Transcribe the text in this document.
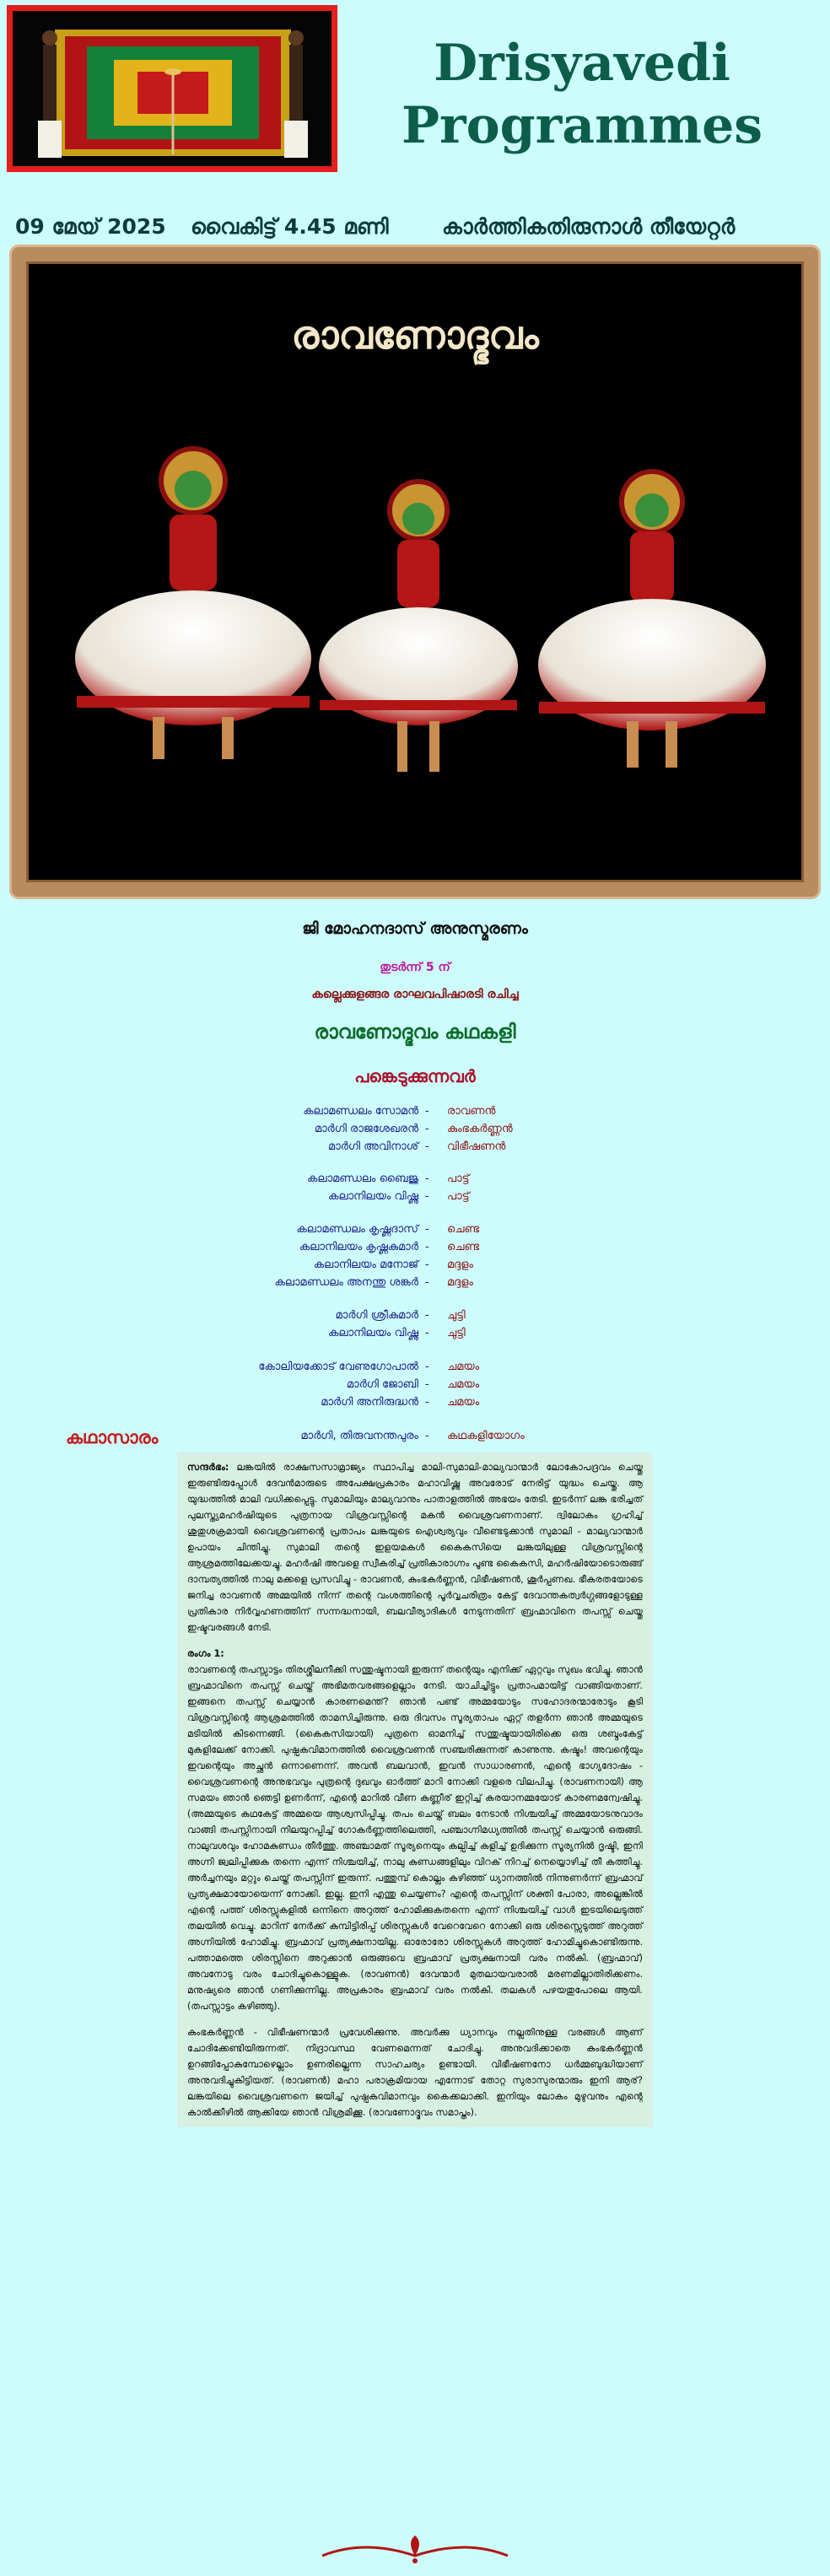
Drisyavedi
Programmes
09 മേയ് 2025 വൈകിട്ട് 4.45 മണി	കാർത്തികതിരുനാൾ തീയേറ്റർ
രാവണോദ്ഭവം
ജി മോഹനദാസ് അനുസ്മരണം
തുടർന്ന് 5 ന്
കല്ലെക്കുളങ്ങര രാഘവപിഷാരടി രചിച്ച
രാവണോദ്ഭവം കഥകളി
പങ്കെടുക്കുന്നവർ
കലാമണ്ഡലം സോമൻ - രാവണൻ
മാർഗി രാജശേഖരൻ - കുംഭകർണ്ണൻ
മാർഗി അവിനാശ് - വിഭീഷണൻ
കലാമണ്ഡലം ബൈജു - പാട്ട്
കലാനിലയം വിഷ്ണു - പാട്ട്
കലാമണ്ഡലം കൃഷ്ണദാസ് - ചെണ്ട
കലാനിലയം കൃഷ്ണകുമാർ - ചെണ്ട
കലാനിലയം മനോജ് - മദ്ദളം
കലാമണ്ഡലം അനന്തു ശങ്കർ - മദ്ദളം
മാർഗി ശ്രീകുമാർ - ചുട്ടി
കലാനിലയം വിഷ്ണു - ചുട്ടി
കോലിയക്കോട് വേണുഗോപാൽ - ചമയം
മാർഗി ജോബി - ചമയം
മാർഗി അനിരുദ്ധൻ - ചമയം
മാർഗി, തിരുവനന്തപുരം - കഥകളിയോഗം
കഥാസാരം
സന്ദർഭം: ലങ്കയിൽ രാക്ഷസസാമ്രാജ്യം സ്ഥാപിച്ച മാലി-സുമാലി-മാല്യവാന്മാർ ലോകോപദ്രവം ചെയ്തു ഇരുണ്ടിരുപ്പോൾ ദേവൻമാരുടെ അപേക്ഷപ്രകാരം മഹാവിഷ്ണു അവരോട് നേരിട്ട് യുദ്ധം ചെയ്തു. ആ യുദ്ധത്തിൽ മാലി വധിക്കപ്പെട്ടു. സുമാലിയും മാല്യവാനും പാതാളത്തിൽ അഭയം തേടി. ഇടർന്ന് ലങ്ക ഭരിച്ചത് പുലസ്ത്യമഹർഷിയുടെ പുത്രനായ വിശ്രവസ്സിന്റെ മകൻ വൈശ്രവണനാണ്. ദ്വിലോകം ഗ്രഹിച്ച് ശുതുശക്രമായി വൈശ്രവണന്റെ പ്രതാപം ലങ്കയുടെ ഐശ്വര്യവും വീണ്ടെടുക്കാൻ സുമാലി - മാല്യവാന്മാർ ഉപായം ചിന്തിച്ചു. സുമാലി തന്റെ ഇളയമകൾ കൈകസിയെ ലങ്കയിലുള്ള വിശ്രവസ്സിന്റെ ആശ്രമത്തിലേക്കയച്ചു. മഹർഷി അവളെ സ്വീകരിച്ച് പ്രതികാരാഗ്നം പൂണ്ട കൈകസി, മഹർഷിയോടൊരുങ്ങ് ദാമ്പത്യത്തിൽ നാലു മക്കളെ പ്രസവിച്ചു - രാവണൻ, കുംഭകർണ്ണൻ, വിഭീഷണൻ, ശൂർപ്പണഖ. ഭീകരതയോടെ ജനിച്ച രാവണൻ അമ്മയിൽ നിന്ന് തന്റെ വംശത്തിന്റെ പൂർവ്വചരിത്രം കേട്ട് ദേവാന്തകത്വർഗ്ഗങ്ങളോടുള്ള പ്രതികാര നിർവ്വഹണത്തിന് സന്നദ്ധനായി, ബലവീര്യാദികൾ നേടുന്നതിന് ബ്രഹ്മാവിനെ തപസ്സ് ചെയ്തു ഇഷ്ടവരങ്ങൾ നേടി.
രംഗം 1:
രാവണന്റെ തപസ്സാട്ടം തിരശ്ശീലനീക്കി സന്തുഷ്ടനായി ഇരുന്ന് തന്റെയും എനിക്ക് ഏറ്റവും സുഖം ഭവിച്ചു. ഞാൻ ബ്രഹ്മാവിനെ തപസ്സ് ചെയ്ത് അഭിമതവരങ്ങളെല്ലാം നേടി. യാചിച്ചിട്ടും പ്രതാപമായിട്ട് വാങ്ങിയതാണ്. ഇങ്ങനെ തപസ്സ് ചെയ്യാൻ കാരണമെന്ത്? ഞാൻ പണ്ട് അമ്മയോടും സഹോദരന്മാരോടും കൂടി വിശ്രവസ്സിന്റെ ആശ്രമത്തിൽ താമസിച്ചിരുന്നു. ഒരു ദിവസം സൂര്യതാപം ഏറ്റ് തളർന്ന ഞാൻ അമ്മയുടെ മടിയിൽ കിടന്നെങ്ങി. (കൈകസിയായി) പുത്രനെ ഓമനിച്ച് സന്തുഷ്ടയായിരിക്കെ ഒരു ശബ്ദംകേട്ട് മുകളിലേക്ക് നോക്കി. പുഷ്പകവിമാനത്തിൽ വൈശ്രവണൻ സഞ്ചരിക്കുന്നത് കാണുന്നു. കഷ്ടം! അവന്റെയും ഇവന്റെയും അച്ഛൻ ഒന്നാണെന്ന്. അവൻ ബലവാൻ, ഇവൻ സാധാരണൻ, എന്റെ ഭാഗ്യദോഷം - വൈശ്രവണന്റെ അനുഭവവും പുത്രന്റെ ദുഖവും ഓർത്ത് മാറി നോക്കി വളരെ വിലപിച്ചു. (രാവണനായി) ആ സമയം ഞാൻ ഞെട്ടി ഉണർന്ന്, എന്റെ മാറിൽ വീണ കണ്ണീര് ഇറ്റിച്ച് കരയാനമ്മയോട് കാരണമന്വേഷിച്ചു. (അമ്മയുടെ കഥകേട്ട് അമ്മയെ ആശ്വസിപ്പിച്ചു. തപം ചെയ്ത് ബലം നേടാൻ നിശ്ചയിച്ച് അമ്മയോടനുവാദം വാങ്ങി തപസ്സിനായി നിലയുറപ്പിച്ച് ഗോകർണ്ണത്തിലെത്തി, പഞ്ചാഗ്നിമധ്യത്തിൽ തപസ്സ് ചെയ്യാൻ ഒരുങ്ങി. നാലുവശവും ഹോമകുണ്ഡം തീർത്തു. അഞ്ചാമത് സൂര്യനെയും കല്പിച്ച് കളിച്ച് ഉദിക്കുന്ന സൂര്യനിൽ ദൃഷ്ടി, ഇനി അഗ്നി ജ്വലിപ്പിക്കുക തന്നെ എന്ന് നിശ്ചയിച്ച്, നാലു കുണ്ഡങ്ങളിലും വിറക് നിറച്ച് നെയ്യൊഴിച്ച് തീ കത്തിച്ചു. അർച്ചനയും മറ്റും ചെയ്ത് തപസ്സിന് ഇരുന്ന്. പത്തുമ്പ് കൊല്ലം കഴിഞ്ഞ് ധ്യാനത്തിൽ നിന്നുണർന്ന് ബ്രഹ്മാവ് പ്രത്യക്ഷമായോയെന്ന് നോക്കി. ഇല്ല. ഇനി എന്തു ചെയ്യണം? എന്റെ തപസ്സിന് ശക്തി പോരാ, അല്ലെങ്കിൽ എന്റെ പത്ത് ശിരസ്സുകളിൽ ഒന്നിനെ അറുത്ത് ഹോമിക്കുകതന്നെ എന്ന് നിശ്ചയിച്ച് വാൾ ഇടയിലെടുത്ത് തലയിൽ വെച്ചു. മാറിന് നേർക്ക് കുമ്പിട്ടിരിപ്പ് ശിരസ്സുകൾ വേറെവേറെ നോക്കി ഒരു ശിരസ്സെടുത്ത് അറുത്ത് അഗ്നിയിൽ ഹോമിച്ചു. ബ്രഹ്മാവ് പ്രത്യക്ഷനായില്ല. ഓരോരോ ശിരസ്സുകൾ അറുത്ത് ഹോമിച്ചുകൊണ്ടിരുന്നു. പത്താമത്തെ ശിരസ്സിനെ അറുക്കാൻ ഒരുങ്ങവെ ബ്രഹ്മാവ് പ്രത്യക്ഷനായി വരം നൽകി. (ബ്രഹ്മാവ്) അവനോടു വരം ചോദിച്ചുകൊള്ളുക. (രാവണൻ) ദേവന്മാർ മുതലായവരാൽ മരണമില്ലാതിരിക്കണം. മനുഷ്യരെ ഞാൻ ഗണിക്കുന്നില്ല. അപ്രകാരം ബ്രഹ്മാവ് വരം നൽകി. തലകൾ പഴയതുപോലെ ആയി. (തപസ്സാട്ടം കഴിഞ്ഞു).
കുംഭകർണ്ണൻ - വിഭീഷണന്മാർ പ്രവേശിക്കുന്നു. അവർക്കു ധ്യാനവും നല്ലതിനുള്ള വരങ്ങൾ ആണ് ചോദിക്കേണ്ടിയിരുന്നത്. നിദ്രാവസ്ഥ വേണമെന്നത് ചോദിച്ചു. അനുവദിക്കാതെ കുംഭകർണ്ണൻ ഉറങ്ങിപ്പോകുമ്പോഴെല്ലാം ഉണരില്ലെന്ന സാഹചര്യം ഉണ്ടായി. വിഭീഷണനോ ധർമ്മബുദ്ധിയാണ് അനുവദിച്ചുകിട്ടിയത്. (രാവണൻ) മഹാ പരാക്രമിയായ എന്നോട് തോറ്റ സുരാസുരന്മാരും ഇനി ആര്? ലങ്കയിലെ വൈശ്രവണനെ ജയിച്ച് പുഷ്പകവിമാനവും കൈക്കലാക്കി. ഇനിയും ലോകം മുഴുവനും എന്റെ കാൽക്കീഴിൽ ആക്കിയേ ഞാൻ വിശ്രമിക്കൂ. (രാവണോദ്ഭവം സമാപ്തം).
